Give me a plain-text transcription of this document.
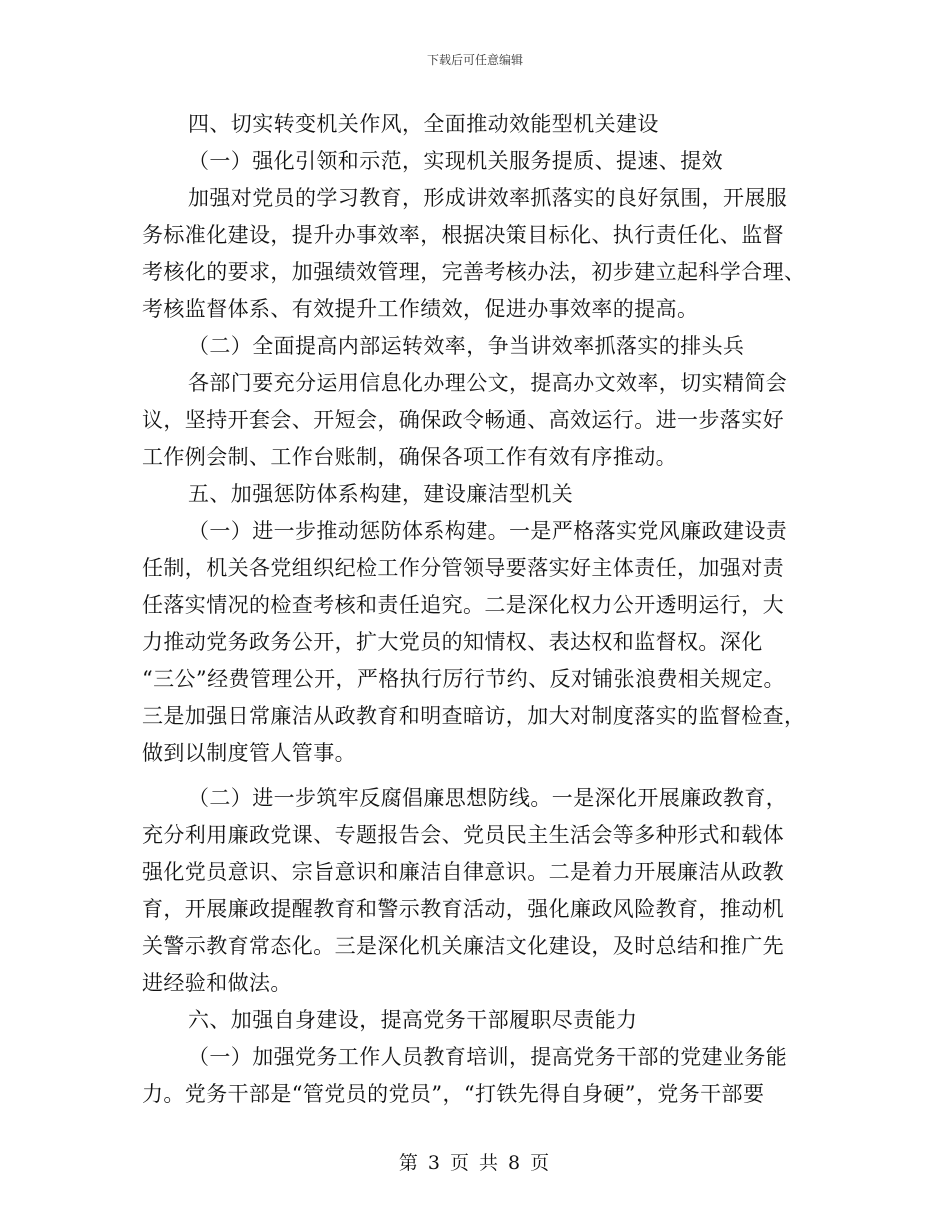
下载后可任意编辑
四、切实转变机关作风，全面推动效能型机关建设
（一）强化引领和示范，实现机关服务提质、提速、提效
加强对党员的学习教育，形成讲效率抓落实的良好氛围，开展服
务标准化建设，提升办事效率，根据决策目标化、执行责任化、监督
考核化的要求，加强绩效管理，完善考核办法，初步建立起科学合理、
考核监督体系、有效提升工作绩效，促进办事效率的提高。
（二）全面提高内部运转效率，争当讲效率抓落实的排头兵
各部门要充分运用信息化办理公文，提高办文效率，切实精简会
议，坚持开套会、开短会，确保政令畅通、高效运行。进一步落实好
工作例会制、工作台账制，确保各项工作有效有序推动。
五、加强惩防体系构建，建设廉洁型机关
（一）进一步推动惩防体系构建。一是严格落实党风廉政建设责
任制，机关各党组织纪检工作分管领导要落实好主体责任，加强对责
任落实情况的检查考核和责任追究。二是深化权力公开透明运行，大
力推动党务政务公开，扩大党员的知情权、表达权和监督权。深化
“三公”经费管理公开，严格执行厉行节约、反对铺张浪费相关规定。
三是加强日常廉洁从政教育和明查暗访，加大对制度落实的监督检查，
做到以制度管人管事。
（二）进一步筑牢反腐倡廉思想防线。一是深化开展廉政教育，
充分利用廉政党课、专题报告会、党员民主生活会等多种形式和载体
强化党员意识、宗旨意识和廉洁自律意识。二是着力开展廉洁从政教
育，开展廉政提醒教育和警示教育活动，强化廉政风险教育，推动机
关警示教育常态化。三是深化机关廉洁文化建设，及时总结和推广先
进经验和做法。
六、加强自身建设，提高党务干部履职尽责能力
（一）加强党务工作人员教育培训，提高党务干部的党建业务能
力。党务干部是“管党员的党员”，“打铁先得自身硬”，党务干部要
第 3 页 共 8 页
